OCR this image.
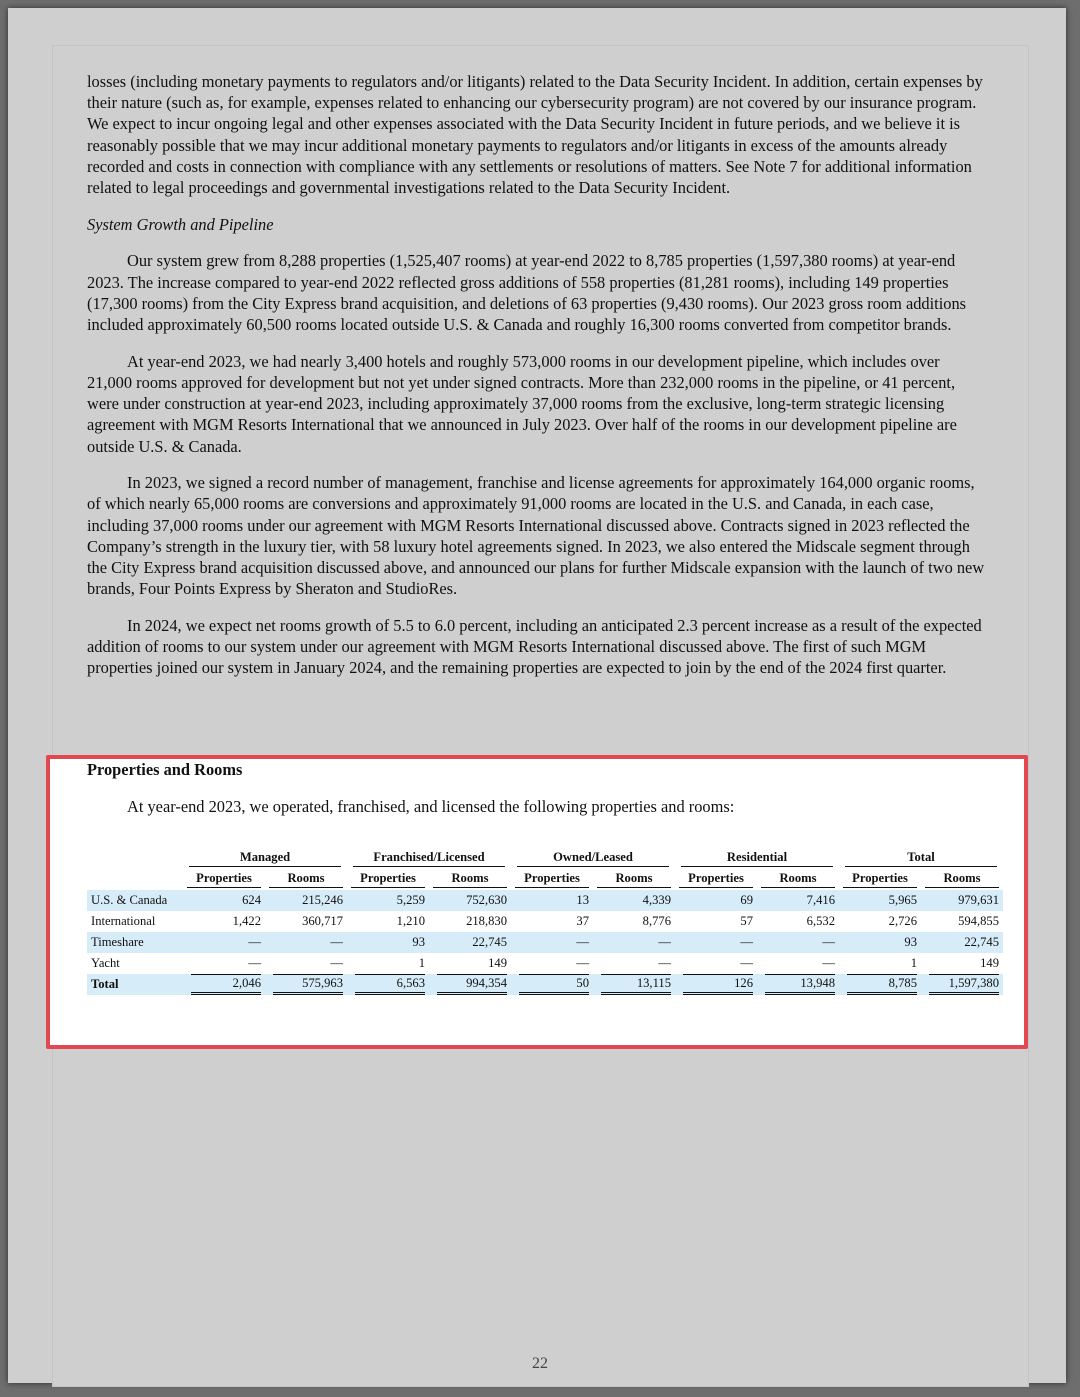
losses (including monetary payments to regulators and/or litigants) related to the Data Security Incident. In addition, certain expenses by their nature (such as, for example, expenses related to enhancing our cybersecurity program) are not covered by our insurance program. We expect to incur ongoing legal and other expenses associated with the Data Security Incident in future periods, and we believe it is reasonably possible that we may incur additional monetary payments to regulators and/or litigants in excess of the amounts already recorded and costs in connection with compliance with any settlements or resolutions of matters. See Note 7 for additional information related to legal proceedings and governmental investigations related to the Data Security Incident.

System Growth and Pipeline

Our system grew from 8,288 properties (1,525,407 rooms) at year-end 2022 to 8,785 properties (1,597,380 rooms) at year-end 2023. The increase compared to year-end 2022 reflected gross additions of 558 properties (81,281 rooms), including 149 properties (17,300 rooms) from the City Express brand acquisition, and deletions of 63 properties (9,430 rooms). Our 2023 gross room additions included approximately 60,500 rooms located outside U.S. & Canada and roughly 16,300 rooms converted from competitor brands.

At year-end 2023, we had nearly 3,400 hotels and roughly 573,000 rooms in our development pipeline, which includes over 21,000 rooms approved for development but not yet under signed contracts. More than 232,000 rooms in the pipeline, or 41 percent, were under construction at year-end 2023, including approximately 37,000 rooms from the exclusive, long-term strategic licensing agreement with MGM Resorts International that we announced in July 2023. Over half of the rooms in our development pipeline are outside U.S. & Canada.

In 2023, we signed a record number of management, franchise and license agreements for approximately 164,000 organic rooms, of which nearly 65,000 rooms are conversions and approximately 91,000 rooms are located in the U.S. and Canada, in each case, including 37,000 rooms under our agreement with MGM Resorts International discussed above. Contracts signed in 2023 reflected the Company’s strength in the luxury tier, with 58 luxury hotel agreements signed. In 2023, we also entered the Midscale segment through the City Express brand acquisition discussed above, and announced our plans for further Midscale expansion with the launch of two new brands, Four Points Express by Sheraton and StudioRes.

In 2024, we expect net rooms growth of 5.5 to 6.0 percent, including an anticipated 2.3 percent increase as a result of the expected addition of rooms to our system under our agreement with MGM Resorts International discussed above. The first of such MGM properties joined our system in January 2024, and the remaining properties are expected to join by the end of the 2024 first quarter.

Properties and Rooms
At year-end 2023, we operated, franchised, and licensed the following properties and rooms:

	Managed		Franchised/Licensed		Owned/Leased		Residential		Total	

	Properties	Rooms	Properties	Rooms	Properties	Rooms	Properties	Rooms	Properties	Rooms

U.S. & Canada	624	215,246	5,259	752,630	13	4,339	69	7,416	5,965	979,631
International	1,422	360,717	1,210	218,830	37	8,776	57	6,532	2,726	594,855
Timeshare	—	—	93	22,745	—	—	—	—	93	22,745
Yacht	—	—	1	149	—	—	—	—	1	149
Total	2,046	575,963	6,563	994,354	50	13,115	126	13,948	8,785	1,597,380
22
